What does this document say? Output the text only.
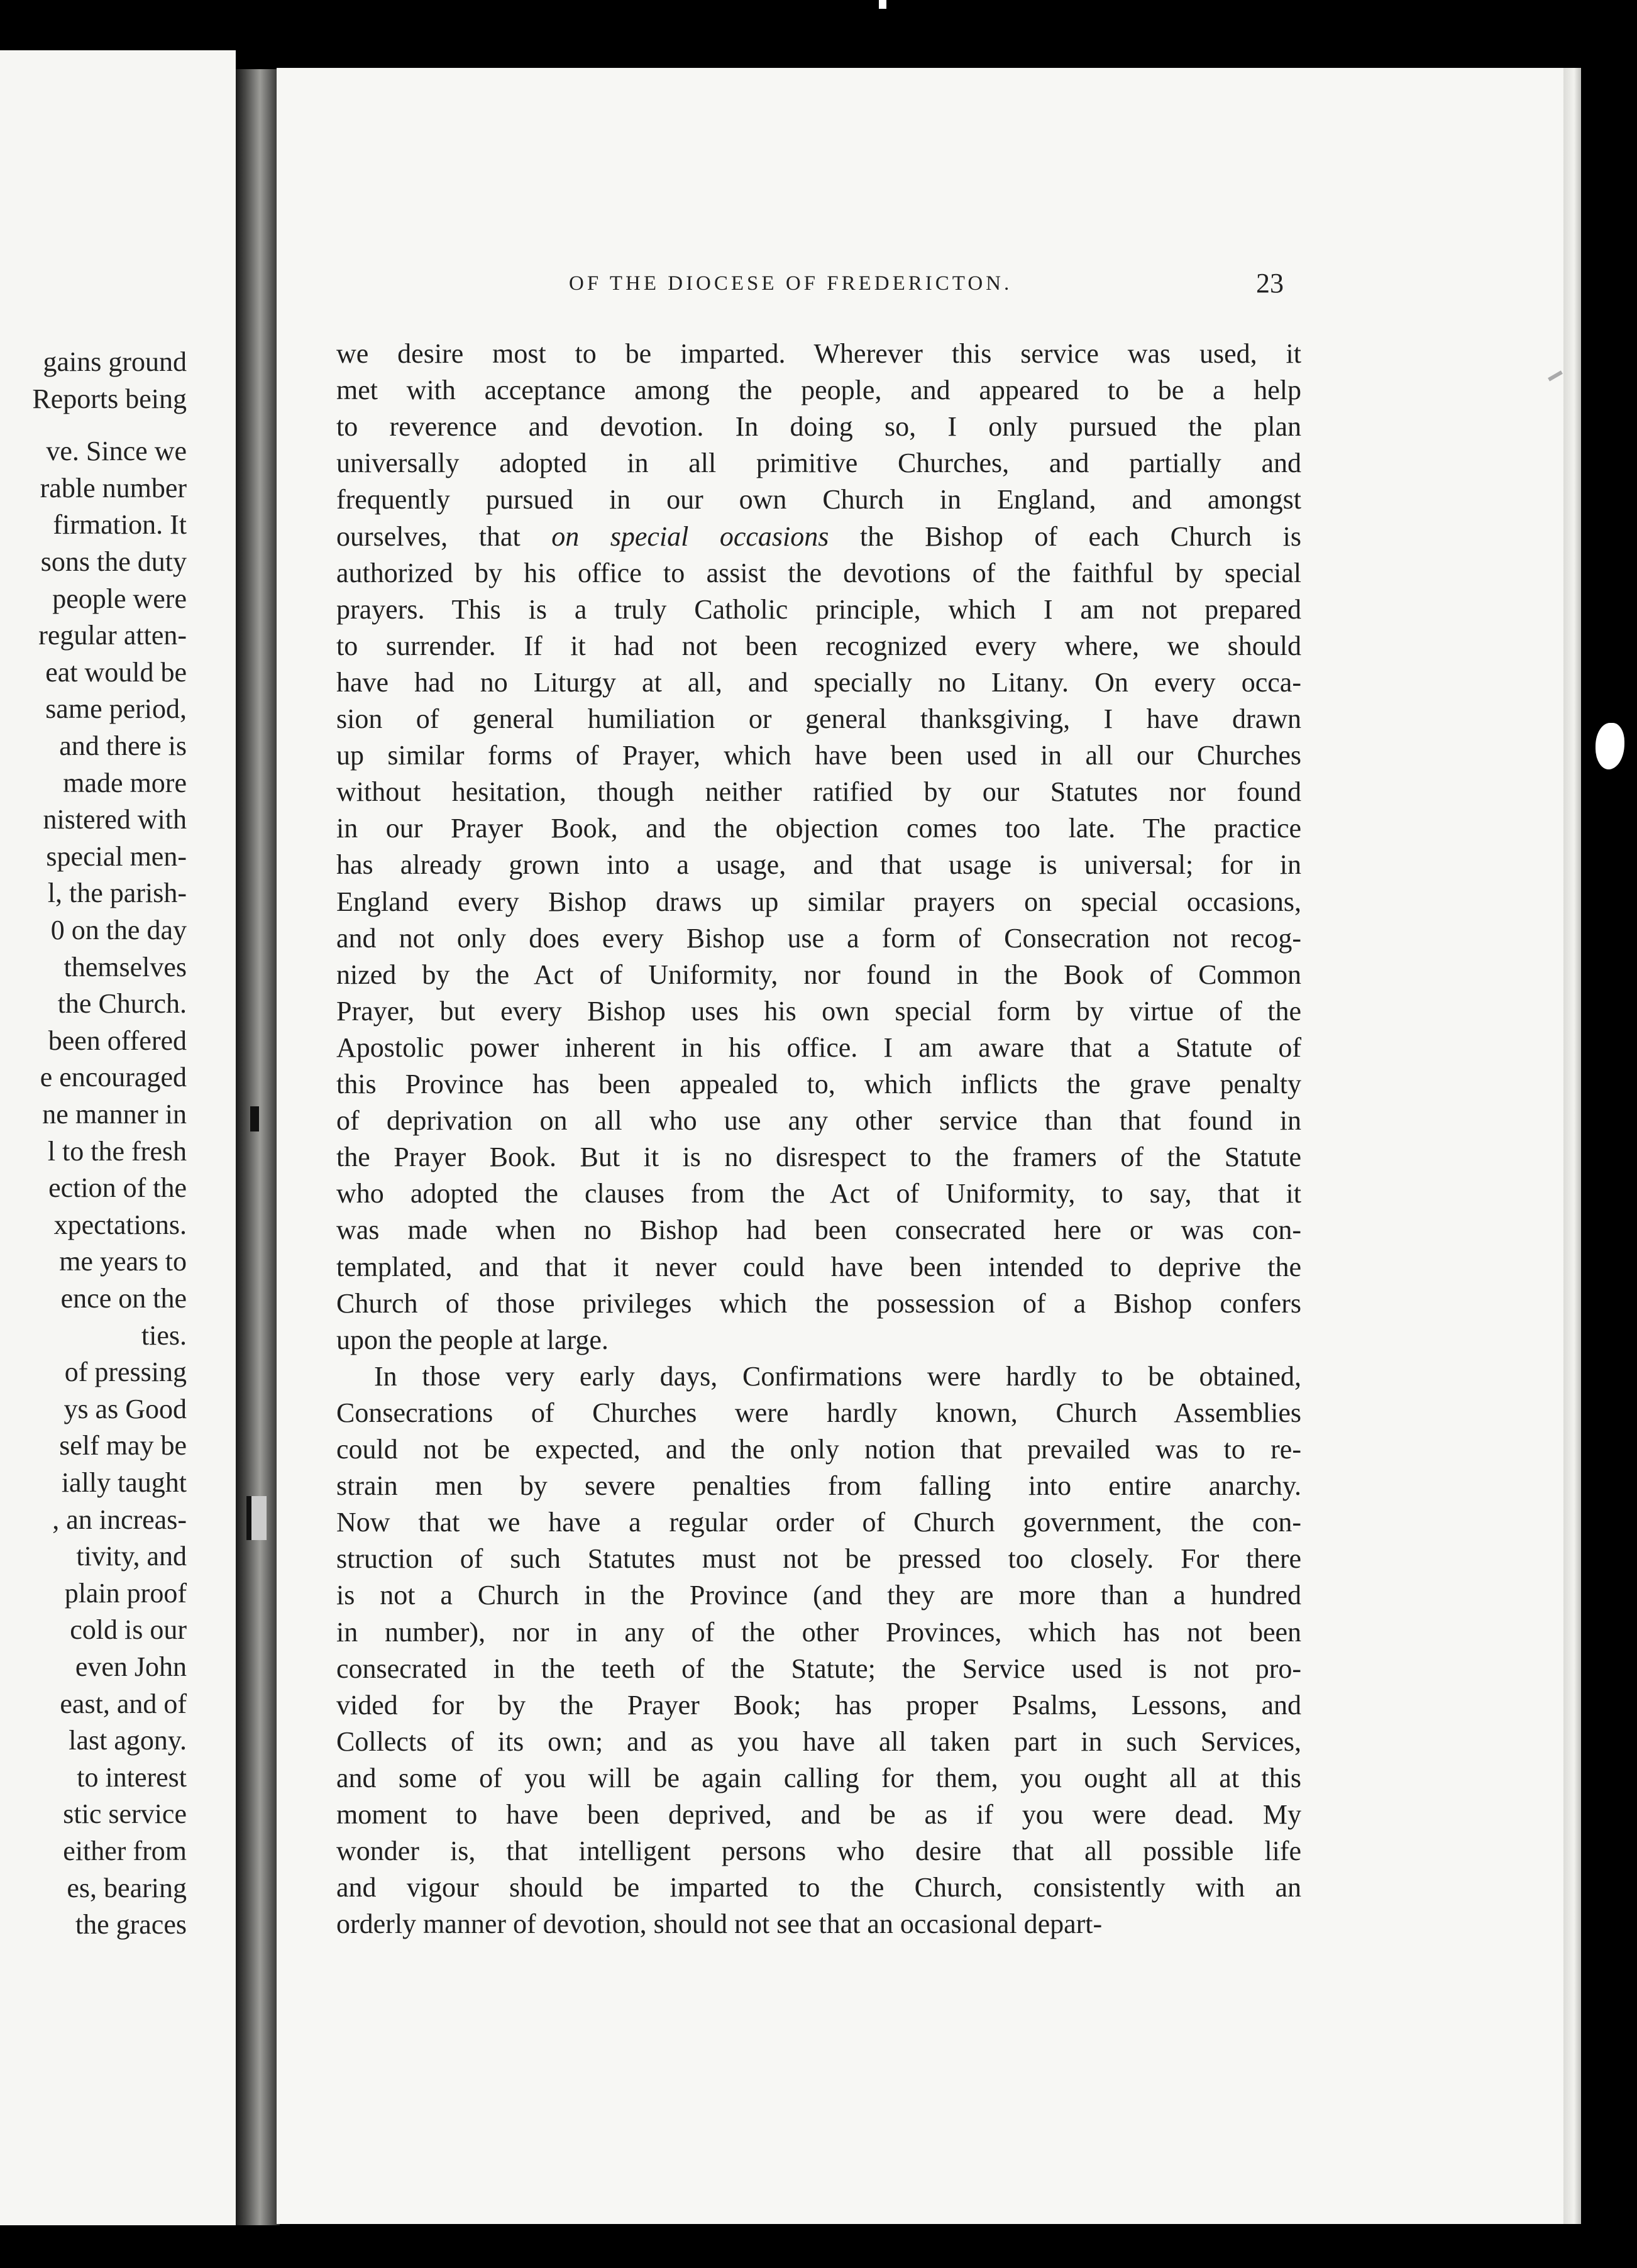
gains ground
Reports being
ve. Since we
rable number
firmation. It
sons the duty
people were
regular atten-
eat would be
same period,
and there is
made more
nistered with
special men-
l, the parish-
0 on the day
themselves
the Church.
been offered
e encouraged
ne manner in
l to the fresh
ection of the
xpectations.
me years to
ence on the
ties.
of pressing
ys as Good
self may be
ially taught
, an increas-
tivity, and
plain proof
cold is our
even John
east, and of
last agony.
to interest
stic service
either from
es, bearing
the graces
OF THE DIOCESE OF FREDERICTON.	23
we desire most to be imparted. Wherever this service was used, it
met with acceptance among the people, and appeared to be a help
to reverence and devotion. In doing so, I only pursued the plan
universally adopted in all primitive Churches, and partially and
frequently pursued in our own Church in England, and amongst
ourselves, that on special occasions the Bishop of each Church is
authorized by his office to assist the devotions of the faithful by special
prayers. This is a truly Catholic principle, which I am not prepared
to surrender. If it had not been recognized every where, we should
have had no Liturgy at all, and specially no Litany. On every occa-
sion of general humiliation or general thanksgiving, I have drawn
up similar forms of Prayer, which have been used in all our Churches
without hesitation, though neither ratified by our Statutes nor found
in our Prayer Book, and the objection comes too late. The practice
has already grown into a usage, and that usage is universal; for in
England every Bishop draws up similar prayers on special occasions,
and not only does every Bishop use a form of Consecration not recog-
nized by the Act of Uniformity, nor found in the Book of Common
Prayer, but every Bishop uses his own special form by virtue of the
Apostolic power inherent in his office. I am aware that a Statute of
this Province has been appealed to, which inflicts the grave penalty
of deprivation on all who use any other service than that found in
the Prayer Book. But it is no disrespect to the framers of the Statute
who adopted the clauses from the Act of Uniformity, to say, that it
was made when no Bishop had been consecrated here or was con-
templated, and that it never could have been intended to deprive the
Church of those privileges which the possession of a Bishop confers
upon the people at large.
In those very early days, Confirmations were hardly to be obtained,
Consecrations of Churches were hardly known, Church Assemblies
could not be expected, and the only notion that prevailed was to re-
strain men by severe penalties from falling into entire anarchy.
Now that we have a regular order of Church government, the con-
struction of such Statutes must not be pressed too closely. For there
is not a Church in the Province (and they are more than a hundred
in number), nor in any of the other Provinces, which has not been
consecrated in the teeth of the Statute; the Service used is not pro-
vided for by the Prayer Book; has proper Psalms, Lessons, and
Collects of its own; and as you have all taken part in such Services,
and some of you will be again calling for them, you ought all at this
moment to have been deprived, and be as if you were dead. My
wonder is, that intelligent persons who desire that all possible life
and vigour should be imparted to the Church, consistently with an
orderly manner of devotion, should not see that an occasional depart-
